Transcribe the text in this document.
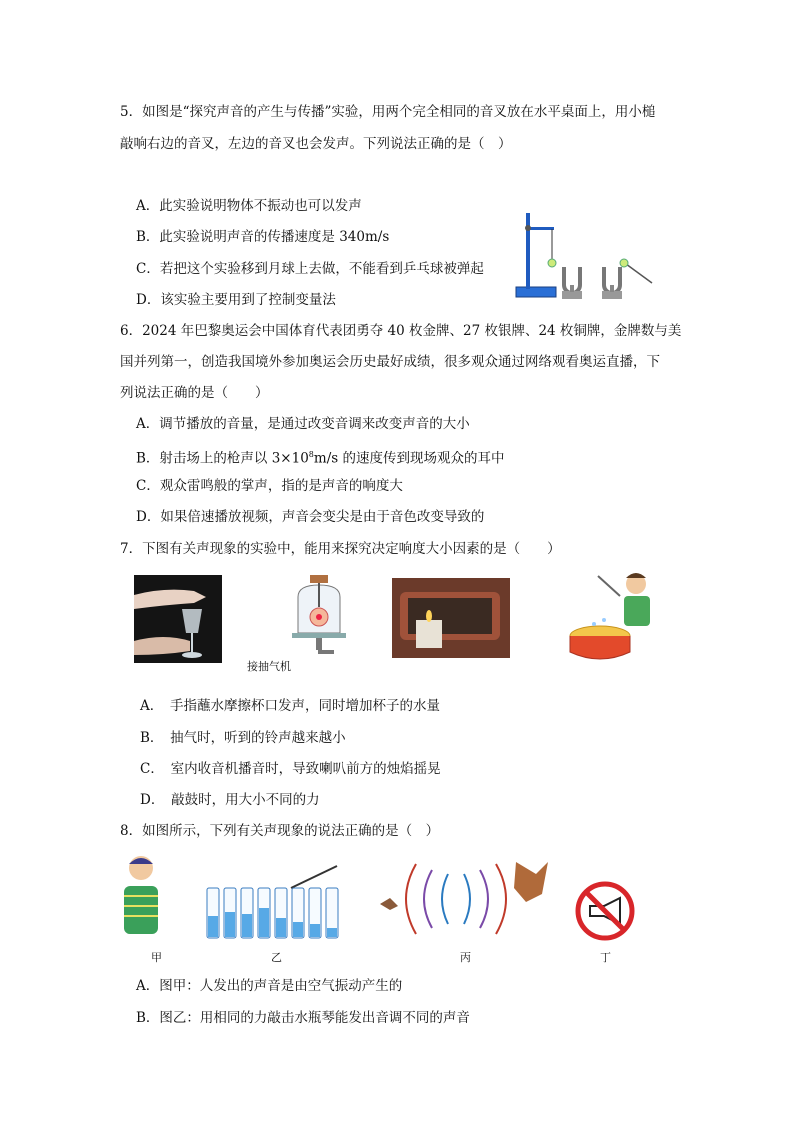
5．如图是“探究声音的产生与传播”实验，用两个完全相同的音叉放在水平桌面上，用小槌
敲响右边的音叉，左边的音叉也会发声。下列说法正确的是（　）
A．此实验说明物体不振动也可以发声
B．此实验说明声音的传播速度是 340m/s
C．若把这个实验移到月球上去做，不能看到乒乓球被弹起
D．该实验主要用到了控制变量法
6．2024 年巴黎奥运会中国体育代表团勇夺 40 枚金牌、27 枚银牌、24 枚铜牌，金牌数与美
国并列第一，创造我国境外参加奥运会历史最好成绩，很多观众通过网络观看奥运直播，下
列说法正确的是（　　）
A．调节播放的音量，是通过改变音调来改变声音的大小
B．射击场上的枪声以 $3\times 10^8m/s$ 的速度传到现场观众的耳中
C．观众雷鸣般的掌声，指的是声音的响度大
D．如果倍速播放视频，声音会变尖是由于音色改变导致的
7．下图有关声现象的实验中，能用来探究决定响度大小因素的是（　　）
接抽气机
A．　手指蘸水摩擦杯口发声，同时增加杯子的水量
B．　抽气时，听到的铃声越来越小
C．　室内收音机播音时，导致喇叭前方的烛焰摇晃
D．　敲鼓时，用大小不同的力
8．如图所示，下列有关声现象的说法正确的是（　）
甲	乙	丙	丁
A．图甲：人发出的声音是由空气振动产生的
B．图乙：用相同的力敲击水瓶琴能发出音调不同的声音
